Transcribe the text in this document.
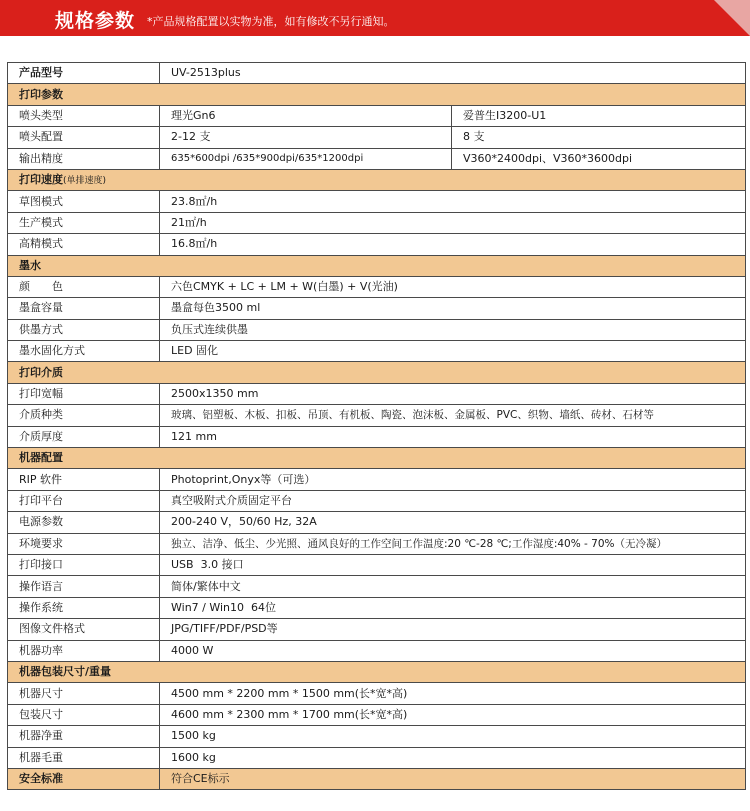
规格参数 *产品规格配置以实物为准，如有修改不另行通知。
产品型号	UV-2513plus	
打印参数		
喷头类型	理光Gn6	爱普生I3200-U1
喷头配置	2-12 支	8 支
输出精度	635*600dpi /635*900dpi/635*1200dpi	V360*2400dpi、V360*3600dpi
打印速度(单排速度)		
草图模式	23.8㎡/h	
生产模式	21㎡/h	
高精模式	16.8㎡/h	
墨水		
颜　　色	六色CMYK + LC + LM + W(白墨) + V(光油)	
墨盒容量	墨盒每色3500 ml	
供墨方式	负压式连续供墨	
墨水固化方式	LED 固化	
打印介质		
打印宽幅	2500x1350 mm	
介质种类	玻璃、铝塑板、木板、扣板、吊顶、有机板、陶瓷、泡沫板、金属板、PVC、织物、墙纸、砖材、石材等	
介质厚度	121 mm	
机器配置		
RIP 软件	Photoprint,Onyx等（可选）	
打印平台	真空吸附式介质固定平台	
电源参数	200-240 V，50/60 Hz, 32A	
环境要求	独立、洁净、低尘、少光照、通风良好的工作空间工作温度:20 ℃-28 ℃;工作湿度:40% - 70%（无冷凝）	
打印接口	USB  3.0 接口	
操作语言	简体/繁体中文	
操作系统	Win7 / Win10  64位	
图像文件格式	JPG/TIFF/PDF/PSD等	
机器功率	4000 W	
机器包装尺寸/重量		
机器尺寸	4500 mm * 2200 mm * 1500 mm(长*宽*高)	
包装尺寸	4600 mm * 2300 mm * 1700 mm(长*宽*高)	
机器净重	1500 kg	
机器毛重	1600 kg	
安全标准	符合CE标示	
